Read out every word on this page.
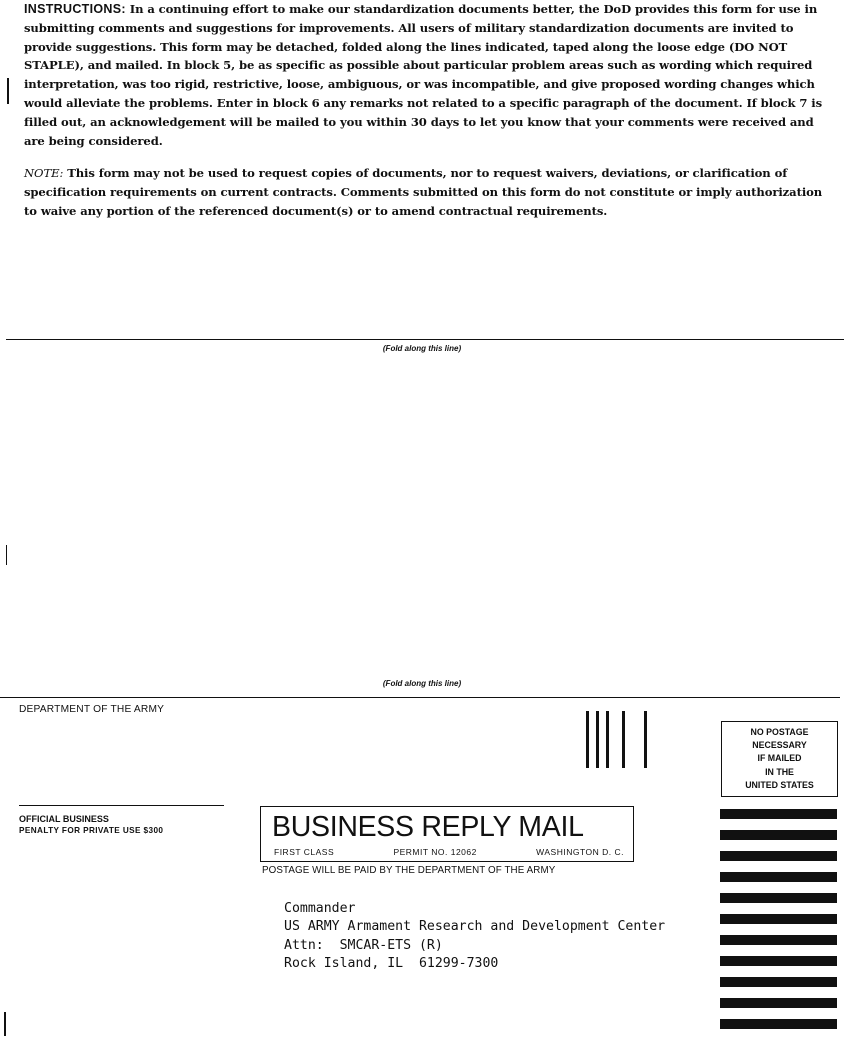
INSTRUCTIONS: In a continuing effort to make our standardization documents better, the DoD provides this form for use in submitting comments and suggestions for improvements. All users of military standardization documents are invited to provide suggestions. This form may be detached, folded along the lines indicated, taped along the loose edge (DO NOT STAPLE), and mailed. In block 5, be as specific as possible about particular problem areas such as wording which required interpretation, was too rigid, restrictive, loose, ambiguous, or was incompatible, and give proposed wording changes which would alleviate the problems. Enter in block 6 any remarks not related to a specific paragraph of the document. If block 7 is filled out, an acknowledgement will be mailed to you within 30 days to let you know that your comments were received and are being considered.

NOTE: This form may not be used to request copies of documents, nor to request waivers, deviations, or clarification of specification requirements on current contracts. Comments submitted on this form do not constitute or imply authorization to waive any portion of the referenced document(s) or to amend contractual requirements.

(Fold along this line)
(Fold along this line)
DEPARTMENT OF THE ARMY
NO POSTAGE
NECESSARY
IF MAILED
IN THE
UNITED STATES
OFFICIAL BUSINESS
PENALTY FOR PRIVATE USE $300	BUSINESS REPLY MAIL
FIRST CLASS	PERMIT NO. 12062	WASHINGTON D. C.
POSTAGE WILL BE PAID BY THE DEPARTMENT OF THE ARMY
Commander
US ARMY Armament Research and Development Center
Attn:  SMCAR-ETS (R)
Rock Island, IL  61299-7300
